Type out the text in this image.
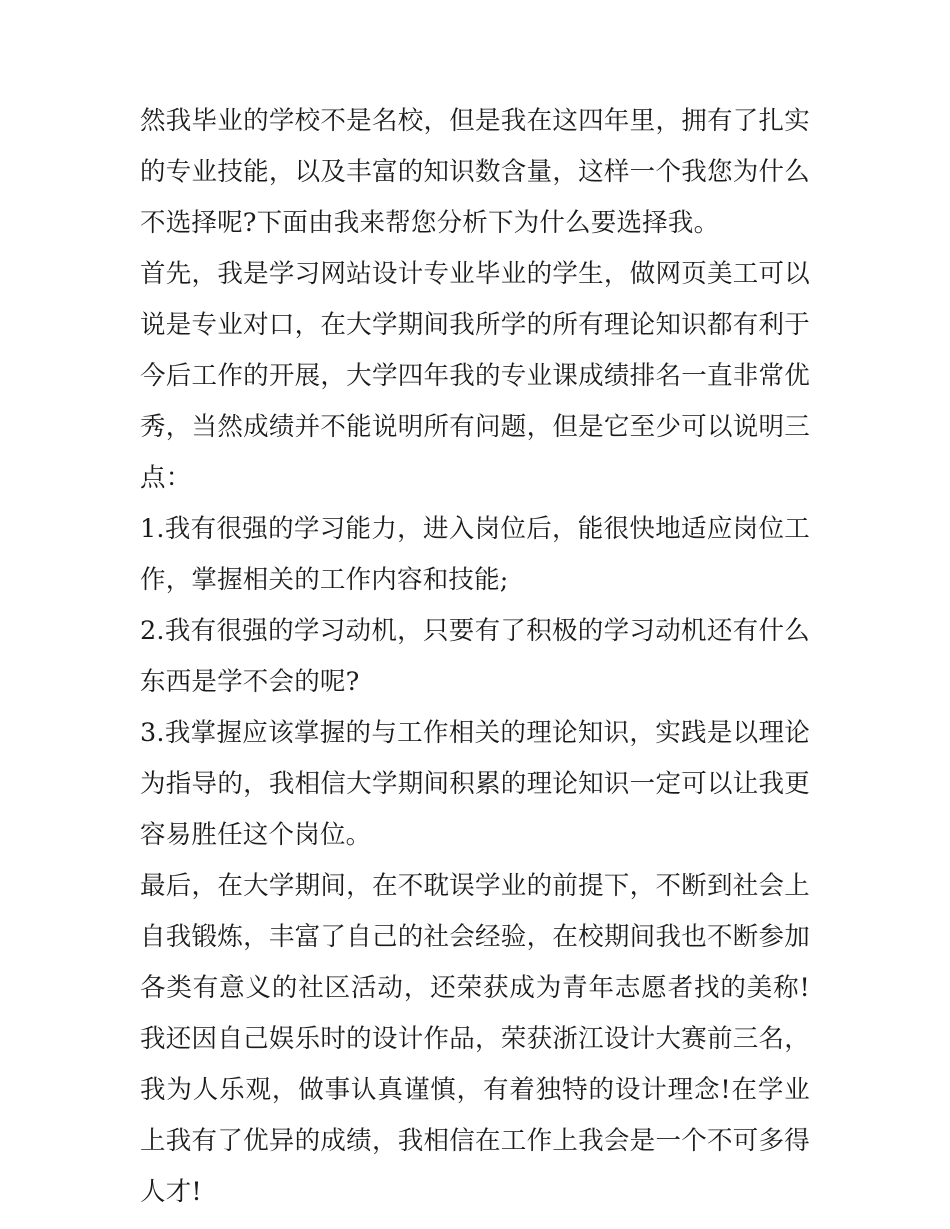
然我毕业的学校不是名校，但是我在这四年里，拥有了扎实的专业技能，以及丰富的知识数含量，这样一个我您为什么不选择呢?下面由我来帮您分析下为什么要选择我。

首先，我是学习网站设计专业毕业的学生，做网页美工可以说是专业对口，在大学期间我所学的所有理论知识都有利于今后工作的开展，大学四年我的专业课成绩排名一直非常优秀，当然成绩并不能说明所有问题，但是它至少可以说明三点：

1.我有很强的学习能力，进入岗位后，能很快地适应岗位工作，掌握相关的工作内容和技能;

2.我有很强的学习动机，只要有了积极的学习动机还有什么东西是学不会的呢?

3.我掌握应该掌握的与工作相关的理论知识，实践是以理论为指导的，我相信大学期间积累的理论知识一定可以让我更容易胜任这个岗位。

最后，在大学期间，在不耽误学业的前提下，不断到社会上自我锻炼，丰富了自己的社会经验，在校期间我也不断参加各类有意义的社区活动，还荣获成为青年志愿者找的美称!我还因自己娱乐时的设计作品，荣获浙江设计大赛前三名，我为人乐观，做事认真谨慎，有着独特的设计理念!在学业上我有了优异的成绩，我相信在工作上我会是一个不可多得人才!
